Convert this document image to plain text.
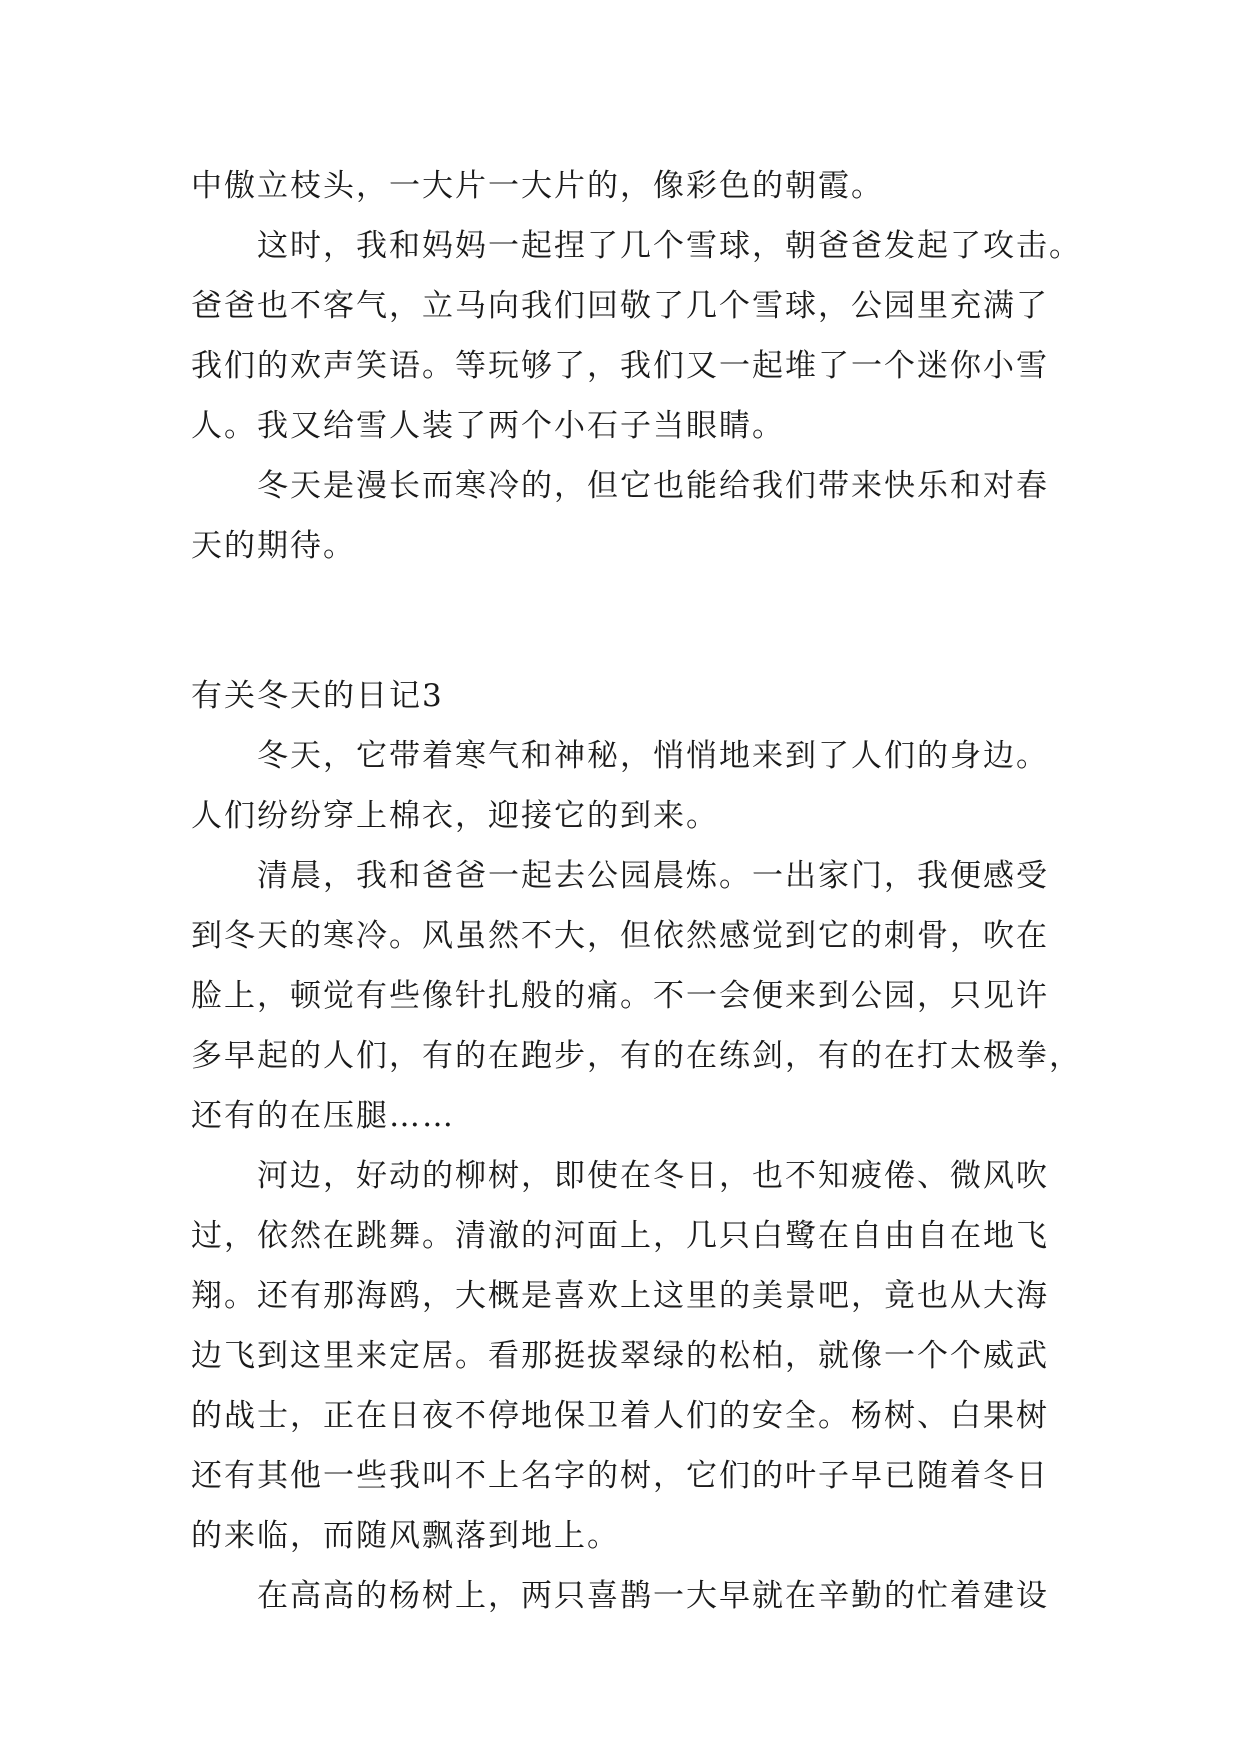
中傲立枝头，一大片一大片的，像彩色的朝霞。
这时，我和妈妈一起捏了几个雪球，朝爸爸发起了攻击。
爸爸也不客气，立马向我们回敬了几个雪球，公园里充满了
我们的欢声笑语。等玩够了，我们又一起堆了一个迷你小雪
人。我又给雪人装了两个小石子当眼睛。
冬天是漫长而寒冷的，但它也能给我们带来快乐和对春
天的期待。
有关冬天的日记3
冬天，它带着寒气和神秘，悄悄地来到了人们的身边。
人们纷纷穿上棉衣，迎接它的到来。
清晨，我和爸爸一起去公园晨炼。一出家门，我便感受
到冬天的寒冷。风虽然不大，但依然感觉到它的刺骨，吹在
脸上，顿觉有些像针扎般的痛。不一会便来到公园，只见许
多早起的人们，有的在跑步，有的在练剑，有的在打太极拳，
还有的在压腿……
河边，好动的柳树，即使在冬日，也不知疲倦、微风吹
过，依然在跳舞。清澈的河面上，几只白鹭在自由自在地飞
翔。还有那海鸥，大概是喜欢上这里的美景吧，竟也从大海
边飞到这里来定居。看那挺拔翠绿的松柏，就像一个个威武
的战士，正在日夜不停地保卫着人们的安全。杨树、白果树
还有其他一些我叫不上名字的树，它们的叶子早已随着冬日
的来临，而随风飘落到地上。
在高高的杨树上，两只喜鹊一大早就在辛勤的忙着建设
